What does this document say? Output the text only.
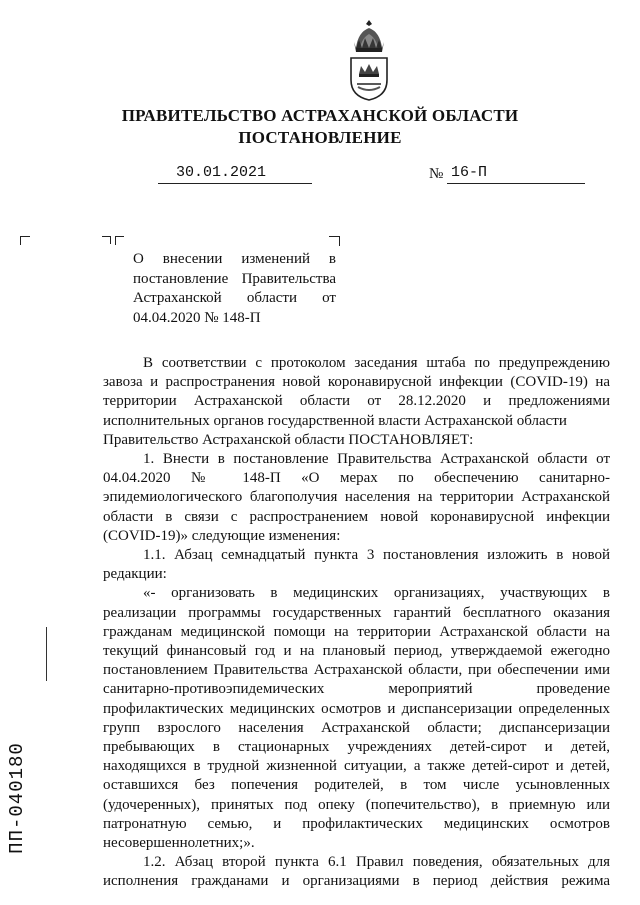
ПРАВИТЕЛЬСТВО АСТРАХАНСКОЙ ОБЛАСТИ
ПОСТАНОВЛЕНИЕ
30.01.2021	№ 16-П

О внесении изменений в

постановление Правительства

Астраханской области от

04.04.2020 № 148-П

В соответствии с протоколом заседания штаба по предупреждению
завоза и распространения новой коронавирусной инфекции (COVID-19) на
территории Астраханской области от 28.12.2020 и предложениями
исполнительных органов государственной власти Астраханской области

Правительство Астраханской области ПОСТАНОВЛЯЕТ:

1. Внести в постановление Правительства Астраханской области от
04.04.2020 № 148-П «О мерах по обеспечению санитарно-
эпидемиологического благополучия населения на территории Астраханской
области в связи с распространением новой коронавирусной инфекции
(COVID-19)» следующие изменения:

1.1. Абзац семнадцатый пункта 3 постановления изложить в новой
редакции:

«- организовать в медицинских организациях, участвующих в
реализации программы государственных гарантий бесплатного оказания
гражданам медицинской помощи на территории Астраханской области на
текущий финансовый год и на плановый период, утверждаемой ежегодно
постановлением Правительства Астраханской области, при обеспечении ими
санитарно-противоэпидемических мероприятий проведение
профилактических медицинских осмотров и диспансеризации определенных
групп взрослого населения Астраханской области; диспансеризации
пребывающих в стационарных учреждениях детей-сирот и детей,
находящихся в трудной жизненной ситуации, а также детей-сирот и детей,
оставшихся без попечения родителей, в том числе усыновленных
(удочеренных), принятых под опеку (попечительство), в приемную или
патронатную семью, и профилактических медицинских осмотров
несовершеннолетних;».

1.2. Абзац второй пункта 6.1 Правил поведения, обязательных для
исполнения гражданами и организациями в период действия режима

ПП-040180
